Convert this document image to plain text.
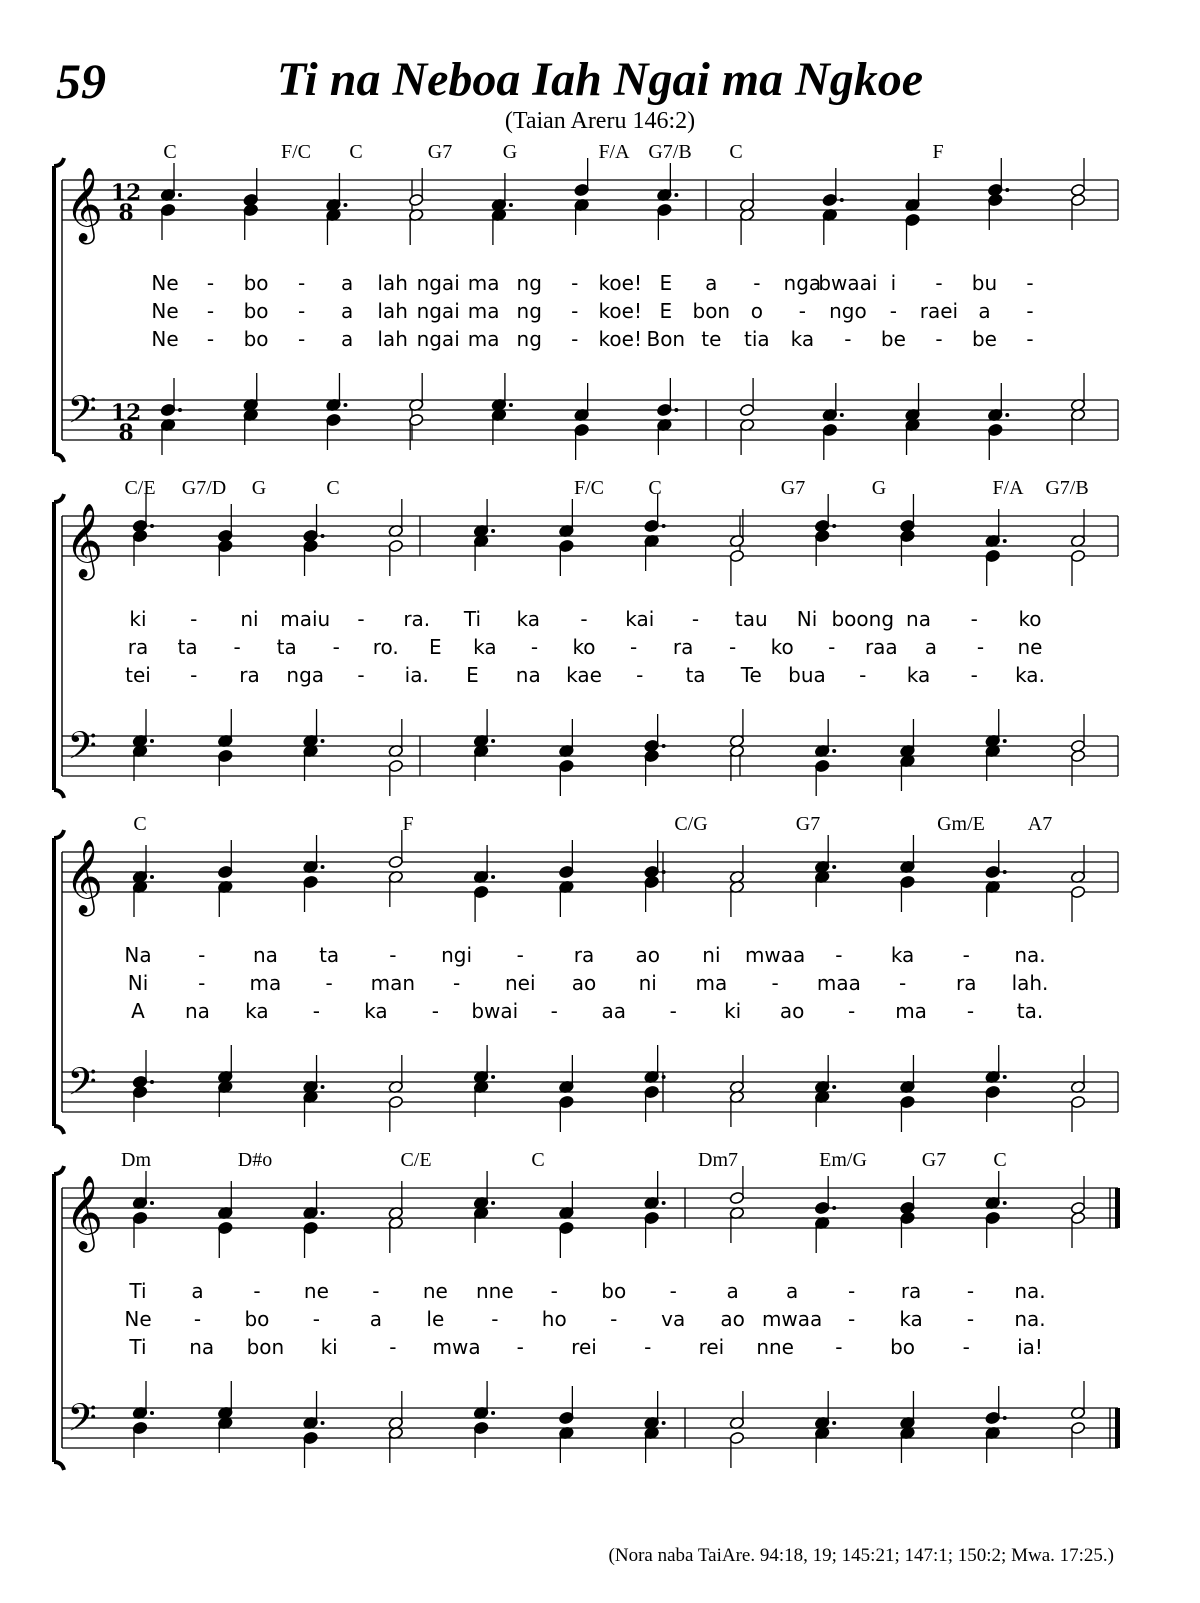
59	Ti na Neboa Iah Ngai ma Ngkoe
(Taian Areru 146:2)
𝄞
𝄢
12
8
12
8
C	F/C C	G7	G	F/A G7/B C	F
Ne - bo - a lah ngai ma ng - koe! E a - nga
bwaai i - bu -
Ne - bo - a lah ngai ma ng - koe! E bon o - ngo - raei a -
Ne - bo - a lah ngai ma ng - koe! Bon te tia ka - be - be -
𝄞
𝄢
C/E G7/D G	C	F/C C	G7	G	F/A G7/B
ki - ni maiu - ra. Ti ka - kai - tau Ni boong na - ko
ra ta - ta - ro. E ka - ko - ra - ko - raa a - ne
tei - ra nga - ia. E na kae - ta Te bua - ka - ka.
𝄞
𝄢
C	F	C/G	G7	Gm/E A7
Na - na ta	- ngi - ra ao ni mwaa - ka - na.
Ni - ma - man - nei ao ni ma - maa - ra lah.
A na ka - ka - bwai - aa - ki ao - ma - ta.
𝄞
𝄢
Dm	D#o	C/E	C	Dm7	Em/G	G7 C
Ti a - ne - ne nne - bo - a a - ra - na.
Ne - bo - a le - ho - va ao mwaa - ka - na.
Ti na bon ki	- mwa - rei - rei nne - bo - ia!
(Nora naba TaiAre. 94:18, 19; 145:21; 147:1; 150:2; Mwa. 17:25.)
